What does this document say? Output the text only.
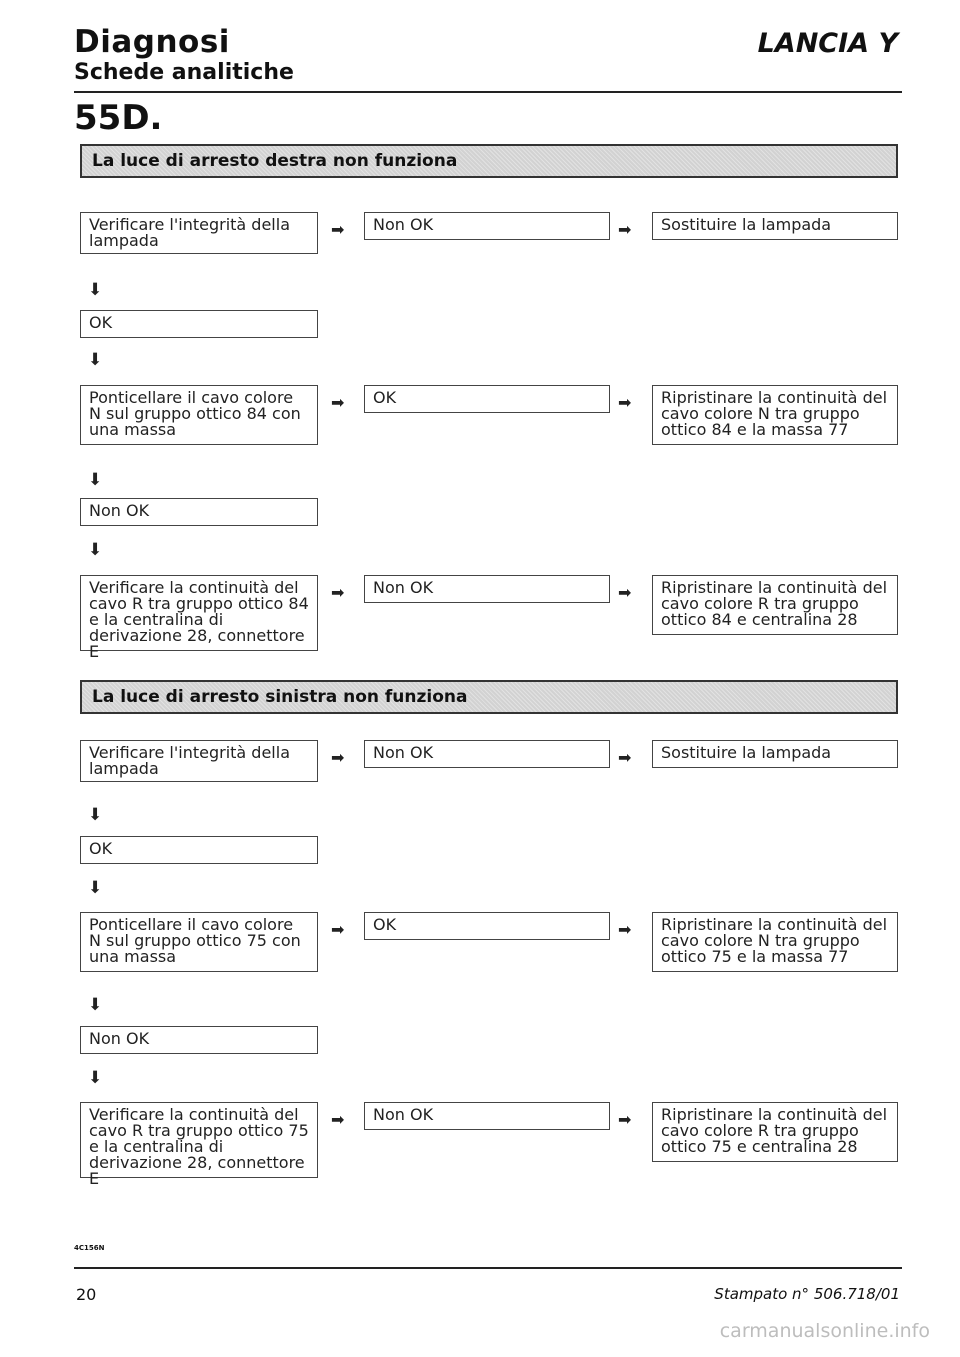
Diagnosi
Schede analitiche
LANCIA Y
55D.
La luce di arresto destra non funziona
Verificare l'integrità della lampada
➡	Non OK	➡	Sostituire la lampada
⬇
OK
⬇
Ponticellare il cavo colore N sul gruppo ottico 84 con una massa
➡	OK	➡	Ripristinare la continuità del cavo colore N tra gruppo ottico 84 e la massa 77
⬇
Non OK
⬇
Verificare la continuità del cavo R tra gruppo ottico 84 e la centralina di derivazione 28, connettore E
➡	Non OK	➡	Ripristinare la continuità del cavo colore R tra gruppo ottico 84 e centralina 28
La luce di arresto sinistra non funziona
Verificare l'integrità della lampada
➡	Non OK	➡	Sostituire la lampada
⬇
OK
⬇
Ponticellare il cavo colore N sul gruppo ottico 75 con una massa
➡	OK	➡	Ripristinare la continuità del cavo colore N tra gruppo ottico 75 e la massa 77
⬇
Non OK
⬇
Verificare la continuità del cavo R tra gruppo ottico 75 e la centralina di derivazione 28, connettore E
➡	Non OK	➡	Ripristinare la continuità del cavo colore R tra gruppo ottico 75 e centralina 28
4C156N
20	Stampato n° 506.718/01
carmanualsonline.info
